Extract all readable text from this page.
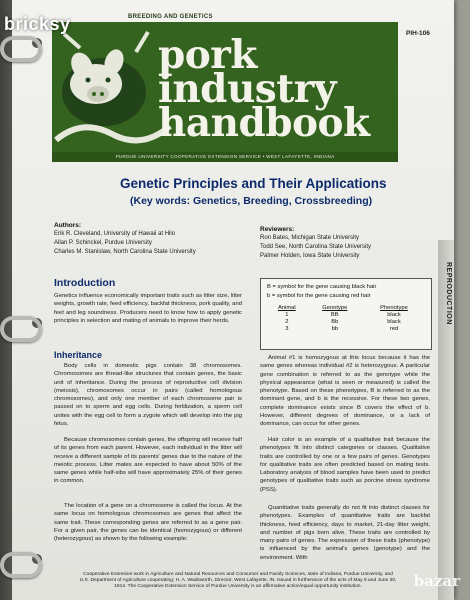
BREEDING AND GENETICS
PIH-106
pork
industry
handbook
PURDUE UNIVERSITY COOPERATIVE EXTENSION SERVICE • WEST LAFAYETTE, INDIANA
Genetic Principles and Their Applications
(Key words: Genetics, Breeding, Crossbreeding)
Authors:
Erik R. Cleveland, University of Hawaii at Hilo
Allan P. Schinckel, Purdue University
Charles M. Stanislaw, North Carolina State University
Reviewers:
Ron Bates, Michigan State University
Todd See, North Carolina State University
Palmer Holden, Iowa State University
Introduction
Genetics influence economically important traits such as litter size, litter weights, growth rate, feed efficiency, backfat thickness, pork quality, and feet and leg soundness. Producers need to know how to apply genetic principles in selection and mating of animals to improve their herds.
Inheritance
Body cells in domestic pigs contain 38 chromosomes. Chromosomes are thread-like structures that contain genes, the basic unit of inheritance. During the process of reproductive cell division (meiosis), chromosomes occur in pairs (called homologous chromosomes), and only one member of each chromosome pair is passed on to sperm and egg cells. During fertilization, a sperm cell unites with the egg cell to form a zygote which will develop into the pig fetus.
Because chromosomes contain genes, the offspring will receive half of its genes from each parent. However, each individual in the litter will receive a different sample of its parents' genes due to the nature of the meiotic process. Litter mates are expected to have about 50% of the same genes while half-sibs will have approximately 25% of their genes in common.
The location of a gene on a chromosome is called the locus. At the same locus on homologous chromosomes are genes that affect the same trait. These corresponding genes are referred to as a gene pair. For a given pair, the genes can be identical (homozygous) or different (heterozygous) as shown by the following example:
B = symbol for the gene causing black hair
b = symbol for the gene causing red hair
Animal	Genotype	Phenotype
1	BB	black
2	Bb	black
3	bb	red
Animal #1 is homozygous at this locus because it has the same genes whereas individual #2 is heterozygous. A particular gene combination is referred to as the genotype while the physical appearance (what is seen or measured) is called the phenotype. Based on these phenotypes, B is referred to as the dominant gene, and b is the recessive. For these two genes, complete dominance exists since B covers the effect of b. However, different degrees of dominance, or a lack of dominance, can occur for other genes.
Hair color is an example of a qualitative trait because the phenotypes fit into distinct categories or classes. Qualitative traits are controlled by one or a few pairs of genes. Genotypes for qualitative traits are often predicted based on mating tests. Laboratory analysis of blood samples have been used to predict genotypes of qualitative traits such as porcine stress syndrome (PSS).
Quantitative traits generally do not fit into distinct classes for phenotypes. Examples of quantitative traits are backfat thickness, feed efficiency, days to market, 21-day litter weight, and number of pigs born alive. These traits are controlled by many pairs of genes. The expression of these traits (phenotype) is influenced by the animal's genes (genotype) and the environment. With
Cooperative Extension work in Agriculture and Natural Resources and Consumer and Family Sciences, state of Indiana, Purdue University, and
U.S. Department of Agriculture cooperating; H. A. Wadsworth, Director, West Lafayette, IN. Issued in furtherance of the acts of May 8 and June 30,
1914. The Cooperative Extension Service of Purdue University is an affirmative action/equal opportunity institution.
REPRODUCTION
bricksy
bazar
